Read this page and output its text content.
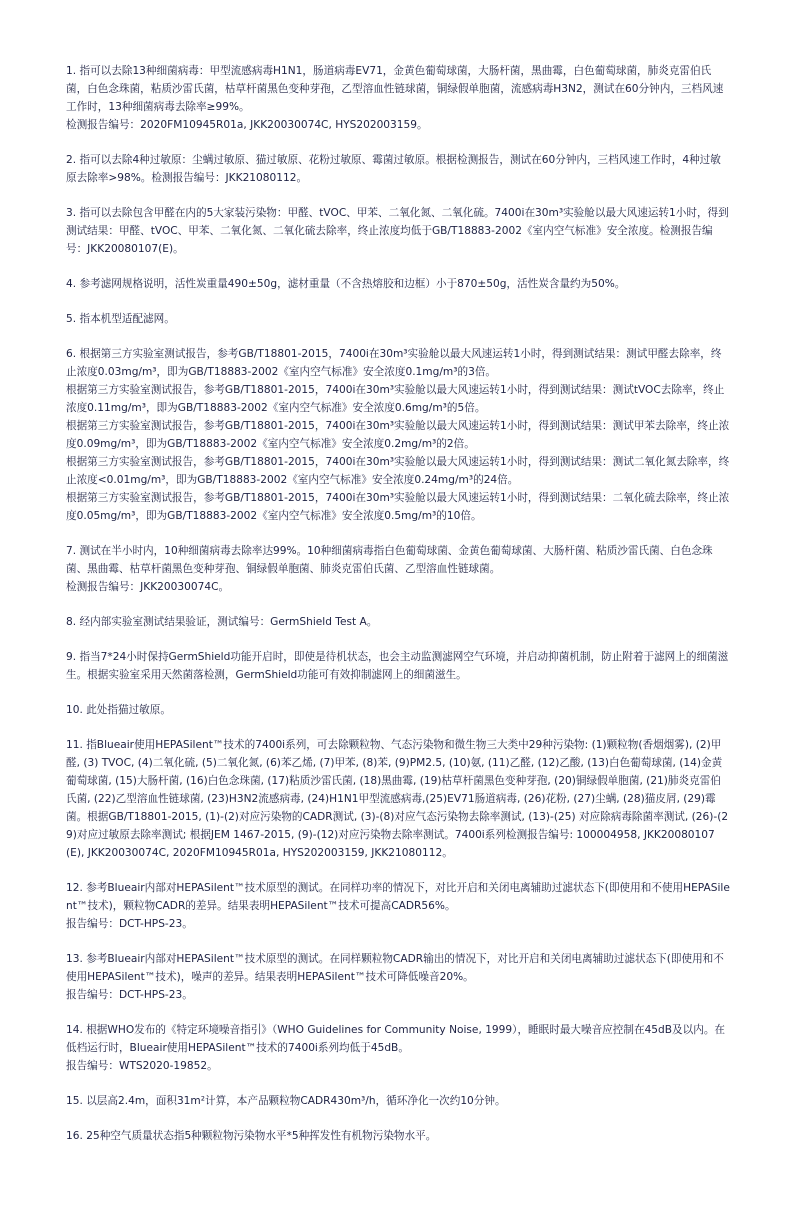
1. 指可以去除13种细菌病毒：甲型流感病毒H1N1，肠道病毒EV71，金黄色葡萄球菌，大肠杆菌，黑曲霉，白色葡萄球菌，肺炎克雷伯氏菌，白色念珠菌，粘质沙雷氏菌，枯草杆菌黑色变种芽孢，乙型溶血性链球菌，铜绿假单胞菌，流感病毒H3N2，测试在60分钟内，三档风速工作时，13种细菌病毒去除率≥99%。

检测报告编号：2020FM10945R01a, JKK20030074C, HYS202003159。

2. 指可以去除4种过敏原：尘螨过敏原、猫过敏原、花粉过敏原、霉菌过敏原。根据检测报告，测试在60分钟内，三档风速工作时，4种过敏原去除率>98%。检测报告编号：JKK21080112。

3. 指可以去除包含甲醛在内的5大家装污染物：甲醛、tVOC、甲苯、二氧化氮、二氧化硫。7400i在30m³实验舱以最大风速运转1小时，得到测试结果：甲醛、tVOC、甲苯、二氧化氮、二氧化硫去除率，终止浓度均低于GB/T18883-2002《室内空气标准》安全浓度。检测报告编号：JKK20080107(E)。

4. 参考滤网规格说明，活性炭重量490±50g，滤材重量（不含热熔胶和边框）小于870±50g，活性炭含量约为50%。

5. 指本机型适配滤网。

6. 根据第三方实验室测试报告，参考GB/T18801-2015，7400i在30m³实验舱以最大风速运转1小时，得到测试结果：测试甲醛去除率，终止浓度0.03mg/m³，即为GB/T18883-2002《室内空气标准》安全浓度0.1mg/m³的3倍。

根据第三方实验室测试报告，参考GB/T18801-2015，7400i在30m³实验舱以最大风速运转1小时，得到测试结果：测试tVOC去除率，终止浓度0.11mg/m³，即为GB/T18883-2002《室内空气标准》安全浓度0.6mg/m³的5倍。

根据第三方实验室测试报告，参考GB/T18801-2015，7400i在30m³实验舱以最大风速运转1小时，得到测试结果：测试甲苯去除率，终止浓度0.09mg/m³，即为GB/T18883-2002《室内空气标准》安全浓度0.2mg/m³的2倍。

根据第三方实验室测试报告，参考GB/T18801-2015，7400i在30m³实验舱以最大风速运转1小时，得到测试结果：测试二氧化氮去除率，终止浓度<0.01mg/m³，即为GB/T18883-2002《室内空气标准》安全浓度0.24mg/m³的24倍。

根据第三方实验室测试报告，参考GB/T18801-2015，7400i在30m³实验舱以最大风速运转1小时，得到测试结果：二氧化硫去除率，终止浓度0.05mg/m³，即为GB/T18883-2002《室内空气标准》安全浓度0.5mg/m³的10倍。

7. 测试在半小时内，10种细菌病毒去除率达99%。10种细菌病毒指白色葡萄球菌、金黄色葡萄球菌、大肠杆菌、粘质沙雷氏菌、白色念珠菌、黑曲霉、枯草杆菌黑色变种芽孢、铜绿假单胞菌、肺炎克雷伯氏菌、乙型溶血性链球菌。

检测报告编号：JKK20030074C。

8. 经内部实验室测试结果验证，测试编号：GermShield Test A。

9. 指当7*24小时保持GermShield功能开启时，即使是待机状态，也会主动监测滤网空气环境，并启动抑菌机制，防止附着于滤网上的细菌滋生。根据实验室采用天然菌落检测，GermShield功能可有效抑制滤网上的细菌滋生。

10. 此处指猫过敏原。

11. 指Blueair使用HEPASilent™技术的7400i系列，可去除颗粒物、气态污染物和微生物三大类中29种污染物: (1)颗粒物(香烟烟雾), (2)甲醛, (3) TVOC, (4)二氧化硫, (5)二氧化氮, (6)苯乙烯, (7)甲苯, (8)苯, (9)PM2.5, (10)氨, (11)乙醛, (12)乙酸, (13)白色葡萄球菌, (14)金黄葡萄球菌, (15)大肠杆菌, (16)白色念珠菌, (17)粘质沙雷氏菌, (18)黑曲霉, (19)枯草杆菌黑色变种芽孢, (20)铜绿假单胞菌, (21)肺炎克雷伯氏菌, (22)乙型溶血性链球菌, (23)H3N2流感病毒, (24)H1N1甲型流感病毒,(25)EV71肠道病毒, (26)花粉, (27)尘螨, (28)猫皮屑, (29)霉菌。根据GB/T18801-2015, (1)-(2)对应污染物的CADR测试, (3)-(8)对应气态污染物去除率测试, (13)-(25) 对应除病毒除菌率测试, (26)-(29)对应过敏原去除率测试; 根据JEM 1467-2015, (9)-(12)对应污染物去除率测试。7400i系列检测报告编号: 100004958, JKK20080107(E), JKK20030074C, 2020FM10945R01a, HYS202003159, JKK21080112。

12. 参考Blueair内部对HEPASilent™技术原型的测试。在同样功率的情况下，对比开启和关闭电离辅助过滤状态下(即使用和不使用HEPASilent™技术)，颗粒物CADR的差异。结果表明HEPASilent™技术可提高CADR56%。

报告编号：DCT-HPS-23。

13. 参考Blueair内部对HEPASilent™技术原型的测试。在同样颗粒物CADR输出的情况下，对比开启和关闭电离辅助过滤状态下(即使用和不使用HEPASilent™技术)，噪声的差异。结果表明HEPASilent™技术可降低噪音20%。

报告编号：DCT-HPS-23。

14. 根据WHO发布的《特定环境噪音指引》（WHO Guidelines for Community Noise, 1999），睡眠时最大噪音应控制在45dB及以内。在低档运行时，Blueair使用HEPASilent™技术的7400i系列均低于45dB。

报告编号：WTS2020-19852。

15. 以层高2.4m，面积31m²计算，本产品颗粒物CADR430m³/h，循环净化一次约10分钟。

16. 25种空气质量状态指5种颗粒物污染物水平*5种挥发性有机物污染物水平。
